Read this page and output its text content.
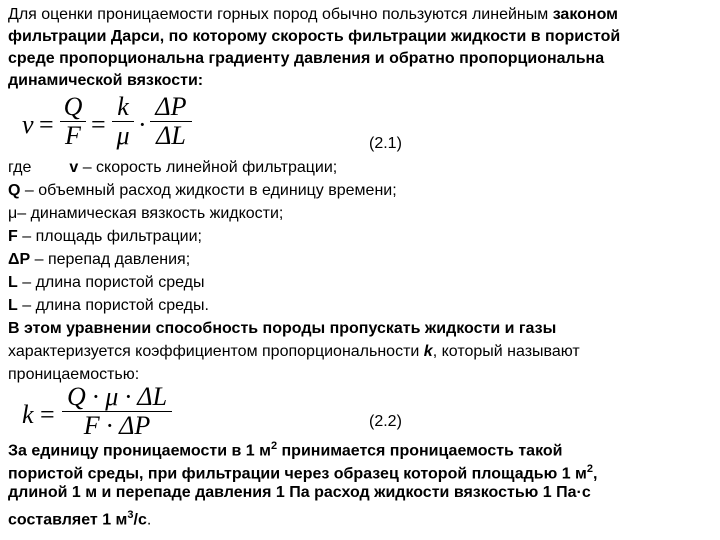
Для оценки проницаемости горных пород обычно пользуются линейным законом
фильтрации Дарси, по которому скорость фильтрации жидкости в пористой
среде пропорциональна градиенту давления и обратно пропорциональна
динамической вязкости:
v =
Q
F =
k
μ ·
ΔP
ΔL	(2.1)
где v – скорость линейной фильтрации;
Q – объемный расход жидкости в единицу времени;
μ– динамическая вязкость жидкости;
F – площадь фильтрации;
ΔP – перепад давления;
L – длина пористой среды
L – длина пористой среды.
В этом уравнении способность породы пропускать жидкости и газы
характеризуется коэффициентом пропорциональности k, который называют
проницаемостью:
k =
Q · μ · ΔL
F · ΔP	(2.2)
За единицу проницаемости в 1 $м^2$ принимается проницаемость такой
пористой среды, при фильтрации через образец которой площадью 1 $м^2$,
длиной 1 м и перепаде давления 1 Па расход жидкости вязкостью 1 Па·с
составляет 1 $м^3/с$.
